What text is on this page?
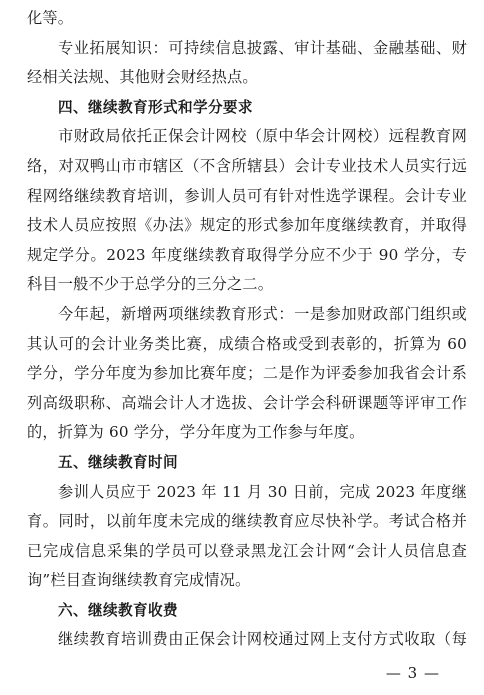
化等。
专业拓展知识：可持续信息披露、审计基础、金融基础、财
经相关法规、其他财会财经热点。
四、继续教育形式和学分要求
市财政局依托正保会计网校（原中华会计网校）远程教育网
络，对双鸭山市市辖区（不含所辖县）会计专业技术人员实行远
程网络继续教育培训，参训人员可有针对性选学课程。会计专业
技术人员应按照《办法》规定的形式参加年度继续教育，并取得
规定学分。2023 年度继续教育取得学分应不少于 90 学分，专
科目一般不少于总学分的三分之二。
今年起，新增两项继续教育形式：一是参加财政部门组织或
其认可的会计业务类比赛，成绩合格或受到表彰的，折算为 60
学分，学分年度为参加比赛年度；二是作为评委参加我省会计系
列高级职称、高端会计人才选拔、会计学会科研课题等评审工作
的，折算为 60 学分，学分年度为工作参与年度。
五、继续教育时间
参训人员应于 2023 年 11 月 30 日前，完成 2023 年度继
育。同时，以前年度未完成的继续教育应尽快补学。考试合格并
已完成信息采集的学员可以登录黑龙江会计网“会计人员信息查
询”栏目查询继续教育完成情况。
六、继续教育收费
继续教育培训费由正保会计网校通过网上支付方式收取（每
— 3 —
